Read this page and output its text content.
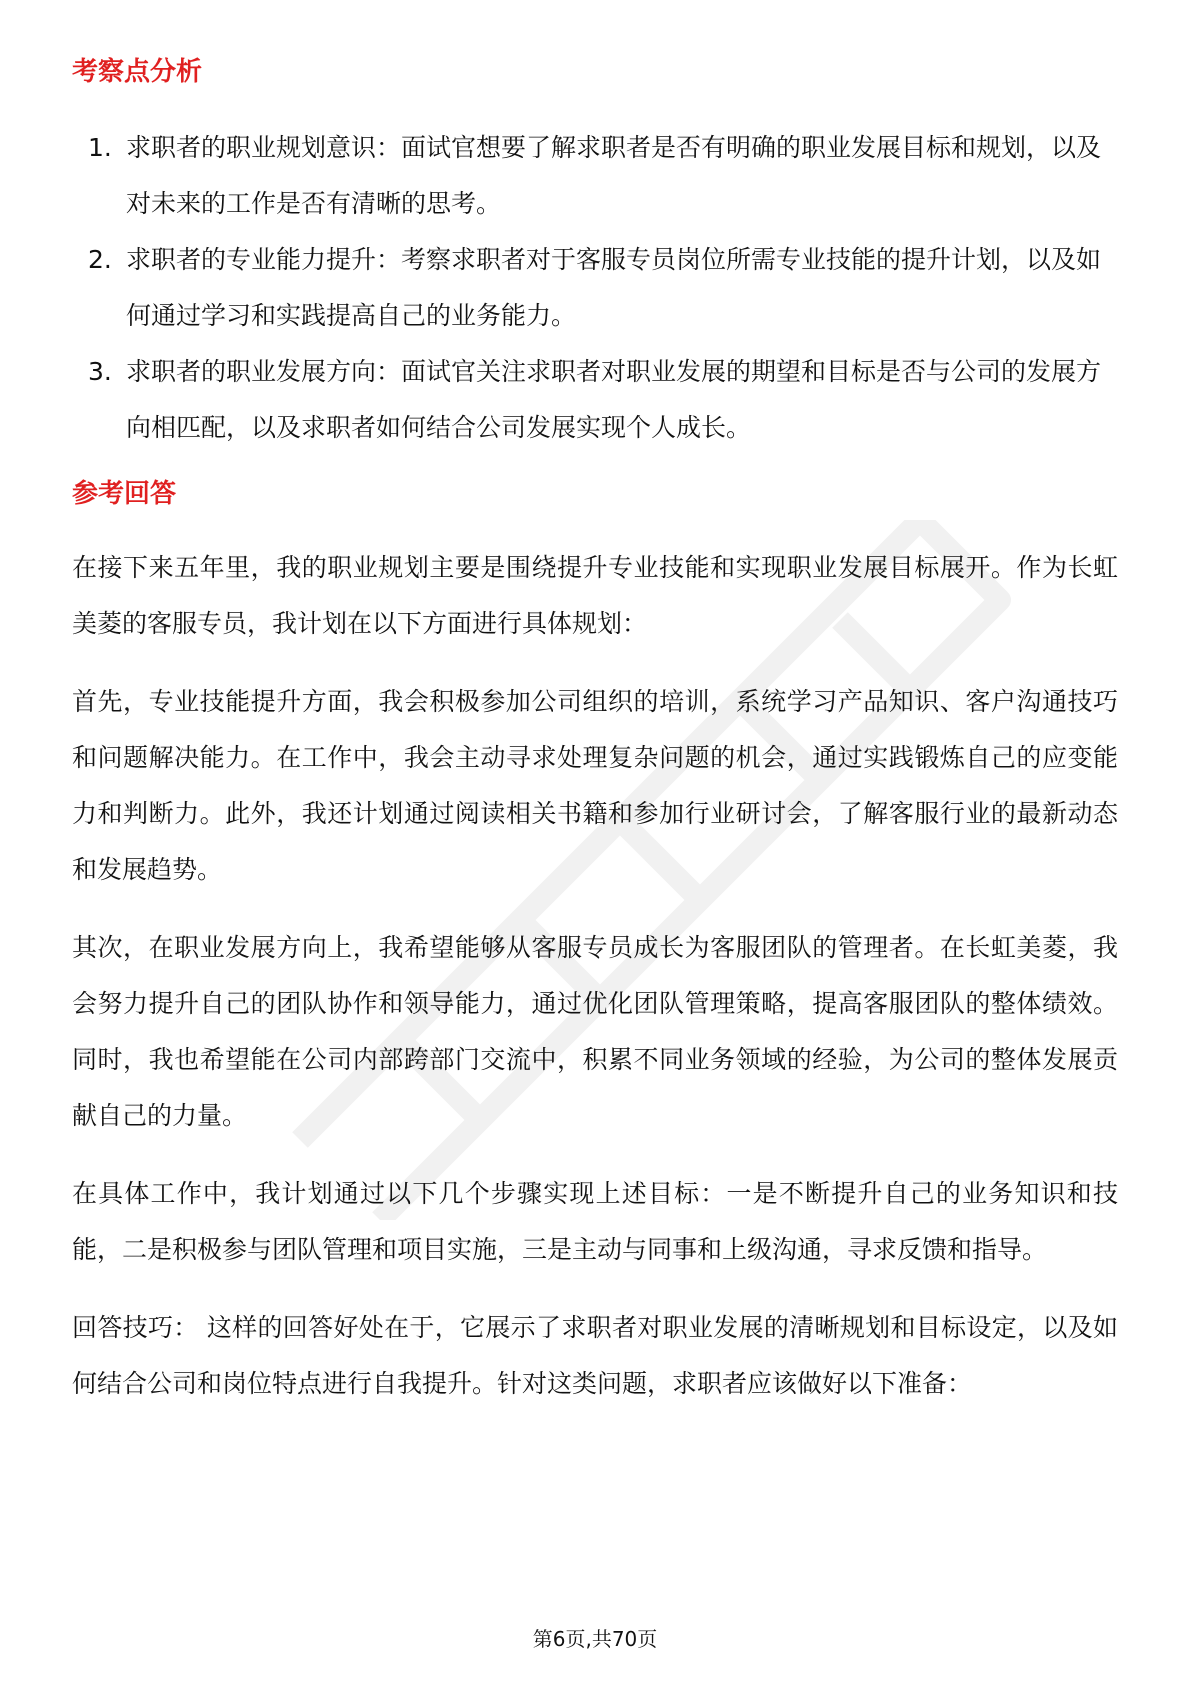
考察点分析
1. 求职者的职业规划意识：面试官想要了解求职者是否有明确的职业发展目标和规划，以及对未来的工作是否有清晰的思考。
2. 求职者的专业能力提升：考察求职者对于客服专员岗位所需专业技能的提升计划，以及如何通过学习和实践提高自己的业务能力。
3. 求职者的职业发展方向：面试官关注求职者对职业发展的期望和目标是否与公司的发展方向相匹配，以及求职者如何结合公司发展实现个人成长。
参考回答

在接下来五年里，我的职业规划主要是围绕提升专业技能和实现职业发展目标展开。作为长虹美菱的客服专员，我计划在以下方面进行具体规划：

首先，专业技能提升方面，我会积极参加公司组织的培训，系统学习产品知识、客户沟通技巧和问题解决能力。在工作中，我会主动寻求处理复杂问题的机会，通过实践锻炼自己的应变能力和判断力。此外，我还计划通过阅读相关书籍和参加行业研讨会，了解客服行业的最新动态和发展趋势。

其次，在职业发展方向上，我希望能够从客服专员成长为客服团队的管理者。在长虹美菱，我会努力提升自己的团队协作和领导能力，通过优化团队管理策略，提高客服团队的整体绩效。同时，我也希望能在公司内部跨部门交流中，积累不同业务领域的经验，为公司的整体发展贡献自己的力量。

在具体工作中，我计划通过以下几个步骤实现上述目标：一是不断提升自己的业务知识和技能，二是积极参与团队管理和项目实施，三是主动与同事和上级沟通，寻求反馈和指导。

回答技巧： 这样的回答好处在于，它展示了求职者对职业发展的清晰规划和目标设定，以及如何结合公司和岗位特点进行自我提升。针对这类问题，求职者应该做好以下准备：

第6页,共70页
